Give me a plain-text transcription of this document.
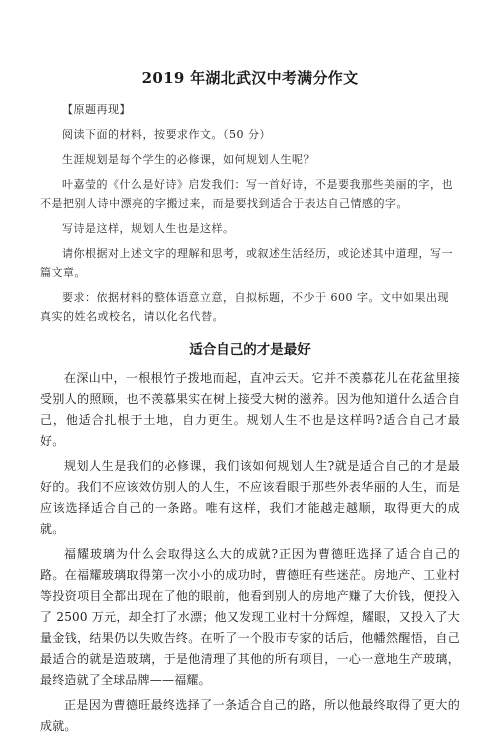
2019 年湖北武汉中考满分作文

【原题再现】

阅读下面的材料，按要求作文。（50 分）

生涯规划是每个学生的必修课，如何规划人生呢？

叶嘉莹的《什么是好诗》启发我们：写一首好诗，不是要我那些美丽的字，也不是把别人诗中漂亮的字搬过来，而是要找到适合于表达自己情感的字。

写诗是这样，规划人生也是这样。

请你根据对上述文字的理解和思考，或叙述生活经历，或论述其中道理，写一篇文章。

要求：依据材料的整体语意立意，自拟标题，不少于 600 字。文中如果出现真实的姓名或校名，请以化名代替。

适合自己的才是最好

在深山中，一根根竹子拨地而起，直冲云天。它并不羡慕花儿在花盆里接受别人的照顾，也不羡慕果实在树上接受大树的滋养。因为他知道什么适合自己，他适合扎根于土地，自力更生。规划人生不也是这样吗?适合自己才最好。

规划人生是我们的必修课，我们该如何规划人生?就是适合自己的才是最好的。我们不应该效仿别人的人生，不应该看眼于那些外表华丽的人生，而是应该选择适合自己的一条路。唯有这样，我们才能越走越顺，取得更大的成就。

福耀玻璃为什么会取得这么大的成就?正因为曹德旺选择了适合自己的路。在福耀玻璃取得第一次小小的成功时，曹德旺有些迷茫。房地产、工业村等投资项目全都出现在了他的眼前，他看到别人的房地产赚了大价钱，便投入了 2500 万元，却全打了水漂；他又发现工业村十分辉煌，耀眼，又投入了大量金钱，结果仍以失败告终。在听了一个股市专家的话后，他幡然醒悟，自己最适合的就是造玻璃，于是他清理了其他的所有项目，一心一意地生产玻璃，最终造就了全球品牌——福耀。

正是因为曹德旺最终选择了一条适合自己的路，所以他最终取得了更大的成就。
